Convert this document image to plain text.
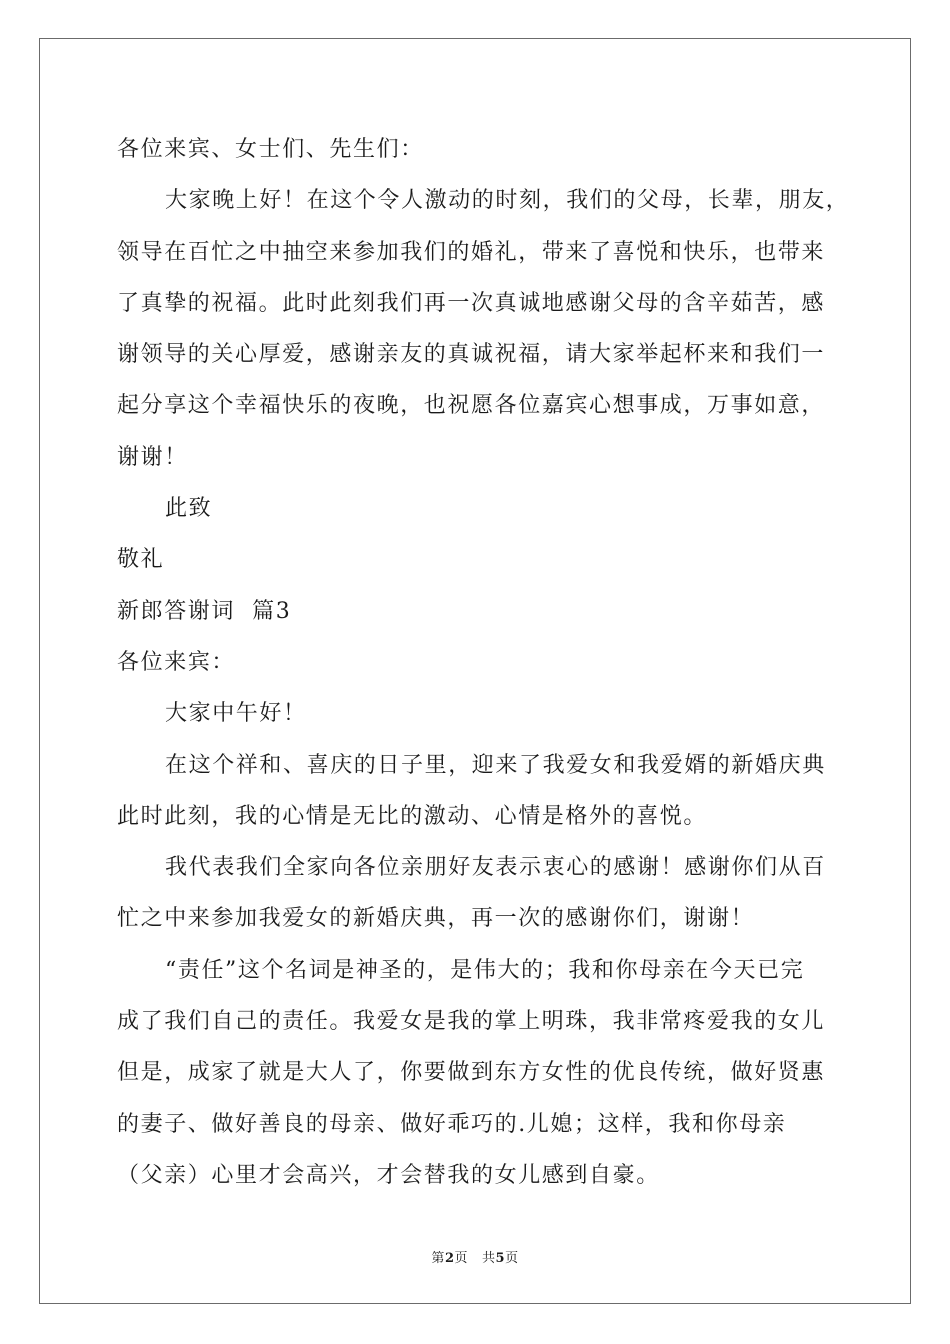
各位来宾、女士们、先生们：
大家晚上好！在这个令人激动的时刻，我们的父母，长辈，朋友，
领导在百忙之中抽空来参加我们的婚礼，带来了喜悦和快乐，也带来
了真挚的祝福。此时此刻我们再一次真诚地感谢父母的含辛茹苦，感
谢领导的关心厚爱，感谢亲友的真诚祝福，请大家举起杯来和我们一
起分享这个幸福快乐的夜晚，也祝愿各位嘉宾心想事成，万事如意，
谢谢！
此致
敬礼
新郎答谢词  篇3
各位来宾：
大家中午好！
在这个祥和、喜庆的日子里，迎来了我爱女和我爱婿的新婚庆典
此时此刻，我的心情是无比的激动、心情是格外的喜悦。
我代表我们全家向各位亲朋好友表示衷心的感谢！感谢你们从百
忙之中来参加我爱女的新婚庆典，再一次的感谢你们，谢谢！
“责任”这个名词是神圣的，是伟大的；我和你母亲在今天已完
成了我们自己的责任。我爱女是我的掌上明珠，我非常疼爱我的女儿
但是，成家了就是大人了，你要做到东方女性的优良传统，做好贤惠
的妻子、做好善良的母亲、做好乖巧的.儿媳；这样，我和你母亲
（父亲）心里才会高兴，才会替我的女儿感到自豪。
第2页 共5页
